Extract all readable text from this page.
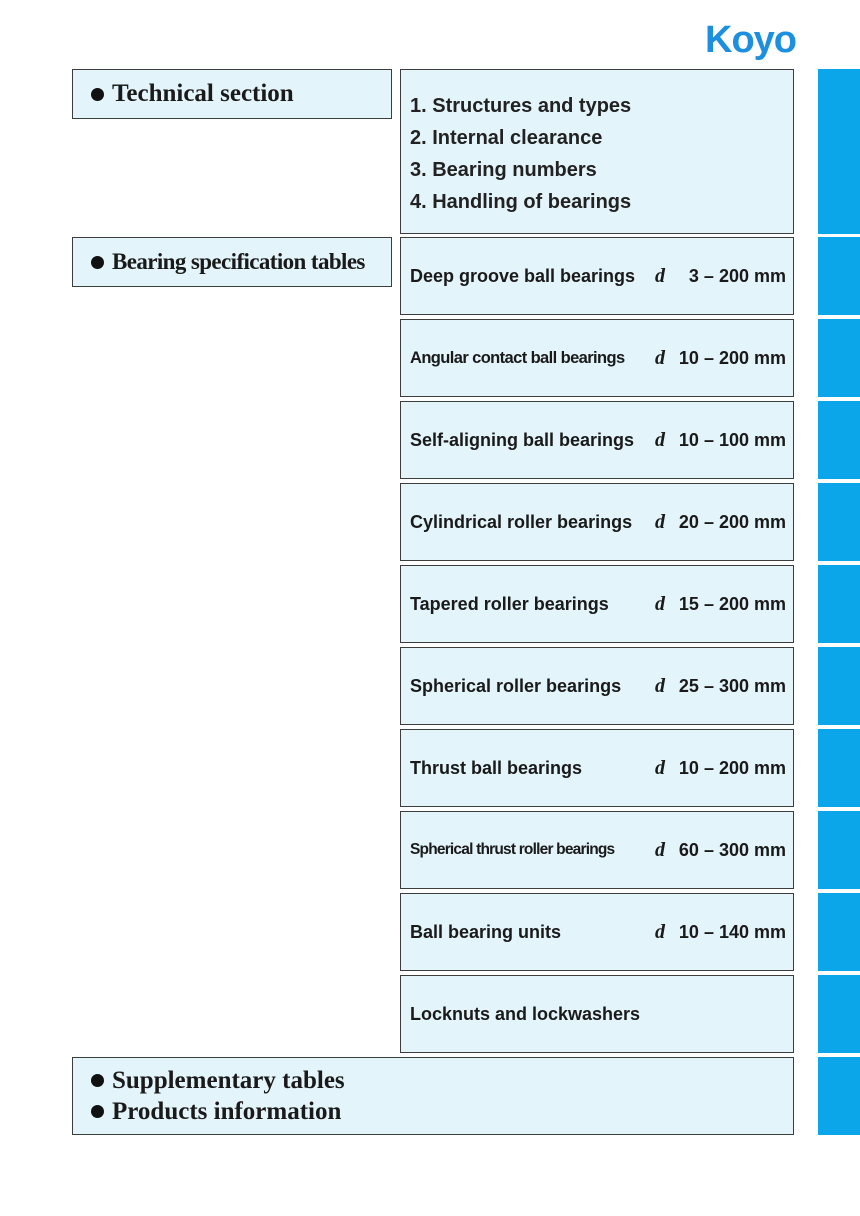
Koyo
Technical section	1. Structures and types
2. Internal clearance
3. Bearing numbers
4. Handling of bearings
Bearing specification tables
Deep groove ball bearings d 3 – 200 mm
Angular contact ball bearings d 10 – 200 mm
Self-aligning ball bearings d 10 – 100 mm
Cylindrical roller bearings d 20 – 200 mm
Tapered roller bearings d 15 – 200 mm
Spherical roller bearings d 25 – 300 mm
Thrust ball bearings	d 10 – 200 mm
Spherical thrust roller bearings d 60 – 300 mm
Ball bearing units	d 10 – 140 mm
Locknuts and lockwashers
Supplementary tables
Products information
